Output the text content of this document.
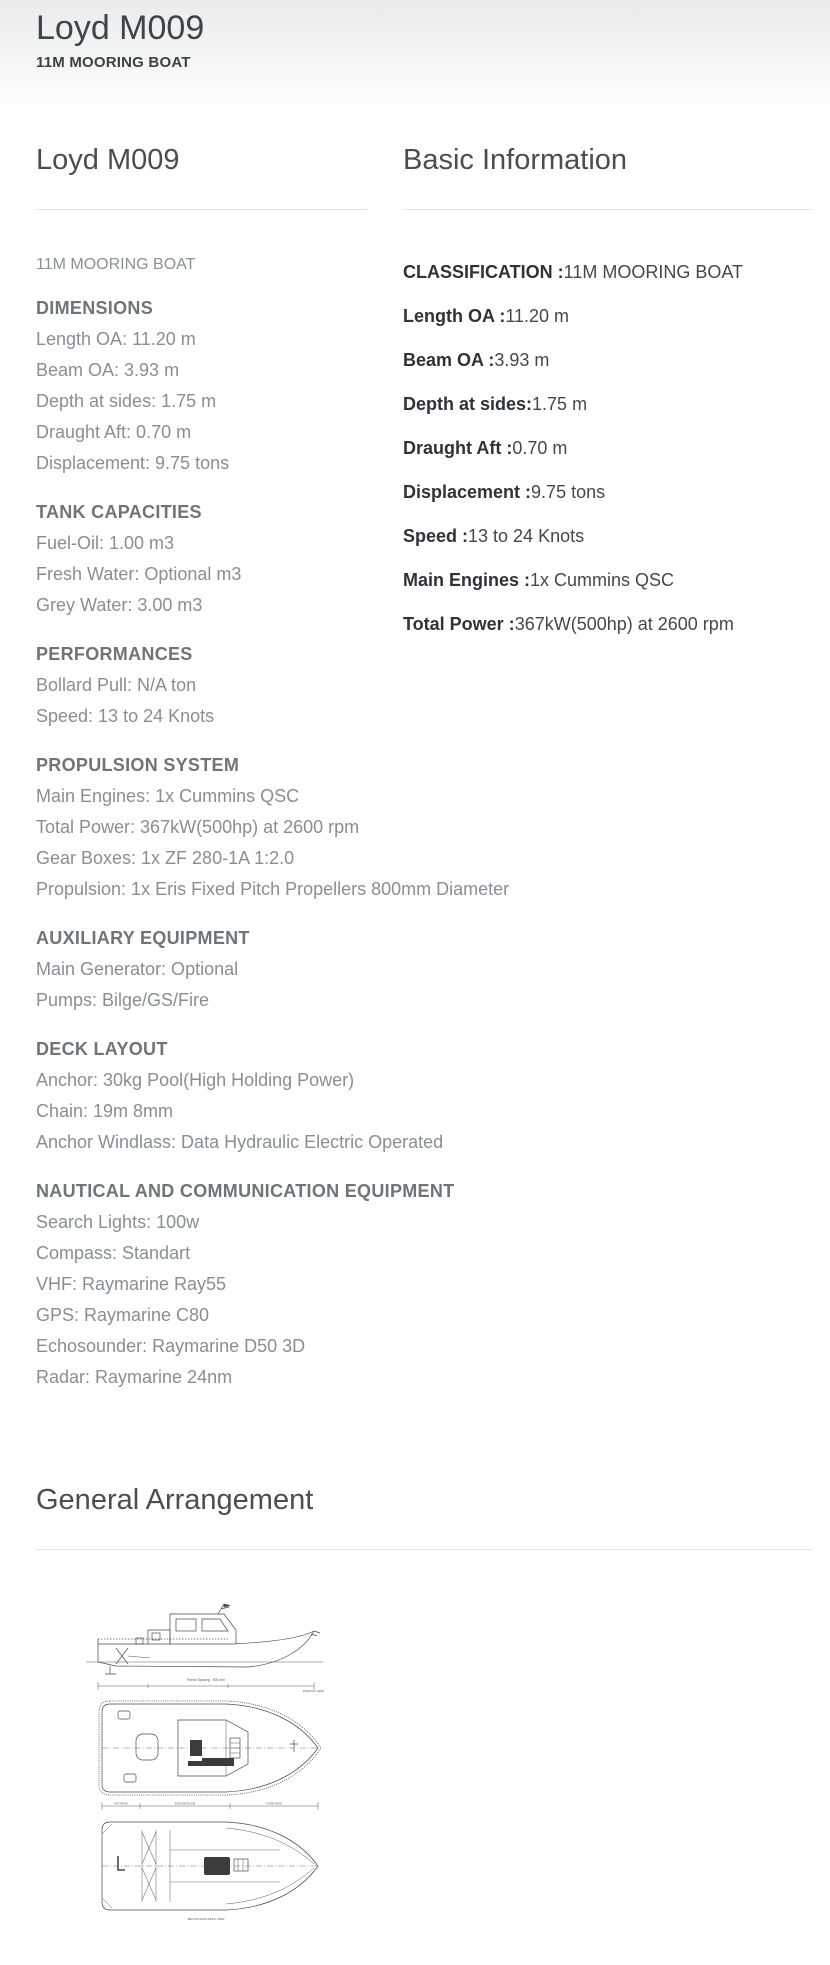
Loyd M009
11M MOORING BOAT
Loyd M009
11M MOORING BOAT
DIMENSIONS

Length OA: 11.20 m

Beam OA: 3.93 m

Depth at sides: 1.75 m

Draught Aft: 0.70 m

Displacement: 9.75 tons

TANK CAPACITIES

Fuel-Oil: 1.00 m3

Fresh Water: Optional m3

Grey Water: 3.00 m3

PERFORMANCES

Bollard Pull: N/A ton

Speed: 13 to 24 Knots

PROPULSION SYSTEM

Main Engines: 1x Cummins QSC

Total Power: 367kW(500hp) at 2600 rpm

Gear Boxes: 1x ZF 280-1A 1:2.0

Propulsion: 1x Eris Fixed Pitch Propellers 800mm Diameter

AUXILIARY EQUIPMENT

Main Generator: Optional

Pumps: Bilge/GS/Fire

DECK LAYOUT

Anchor: 30kg Pool(High Holding Power)

Chain: 19m 8mm

Anchor Windlass: Data Hydraulic Electric Operated

NAUTICAL AND COMMUNICATION EQUIPMENT

Search Lights: 100w

Compass: Standart

VHF: Raymarine Ray55

GPS: Raymarine C80

Echosounder: Raymarine D50 3D

Radar: Raymarine 24nm

Basic Information
CLASSIFICATION :11M MOORING BOAT
Length OA :11.20 m
Beam OA :3.93 m
Depth at sides:1.75 m
Draught Aft :0.70 m
Displacement :9.75 tons
Speed :13 to 24 Knots
Main Engines :1x Cummins QSC
Total Power :367kW(500hp) at 2600 rpm
General Arrangement
Frame Spacing : 500 mm
PROFILE VIEW
AFT PEAK	ENGINE ROOM	FORE PEAK
BELOW MAIN DECK VIEW
